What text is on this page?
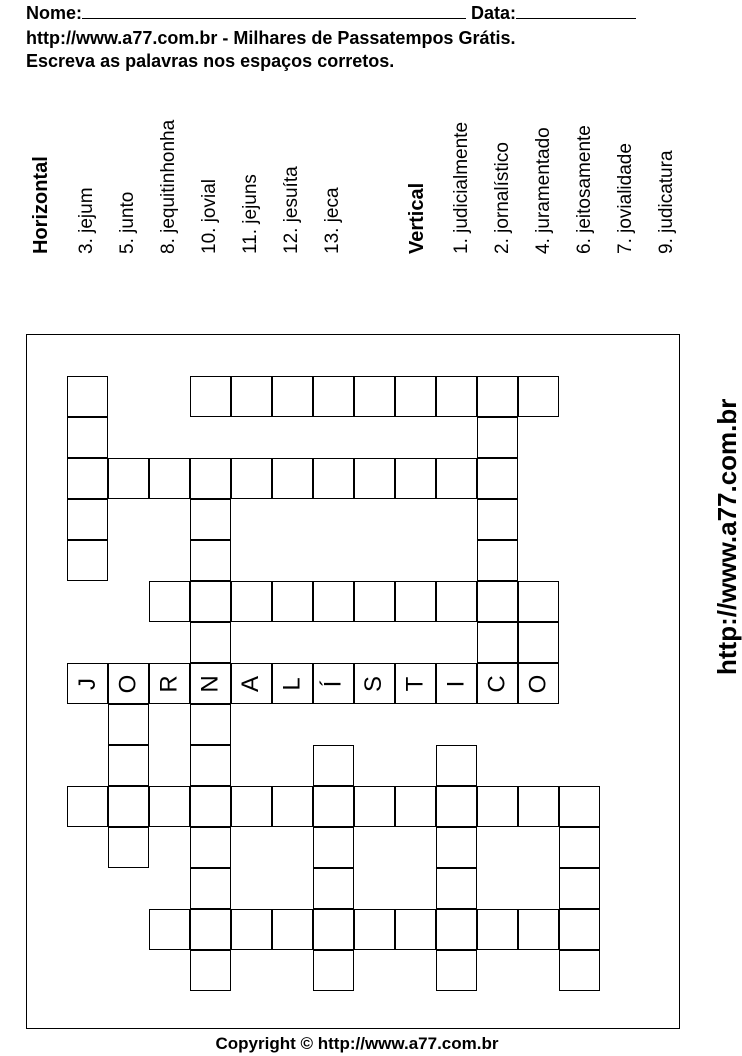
Nome:	Data:
http://www.a77.com.br - Milhares de Passatempos Grátis.
Escreva as palavras nos espaços corretos.
Horizontal 3. jejum 5. junto 8. jequitinhonha 10. jovial 11. jejuns 12. jesuíta 13. jeca	Vertical 1. judicialmente 2. jornalístico 4. juramentado 6. jeitosamente 7. jovialidade 9. judicatura
J O R N A L Í S T I C O
http://www.a77.com.br
Copyright © http://www.a77.com.br
